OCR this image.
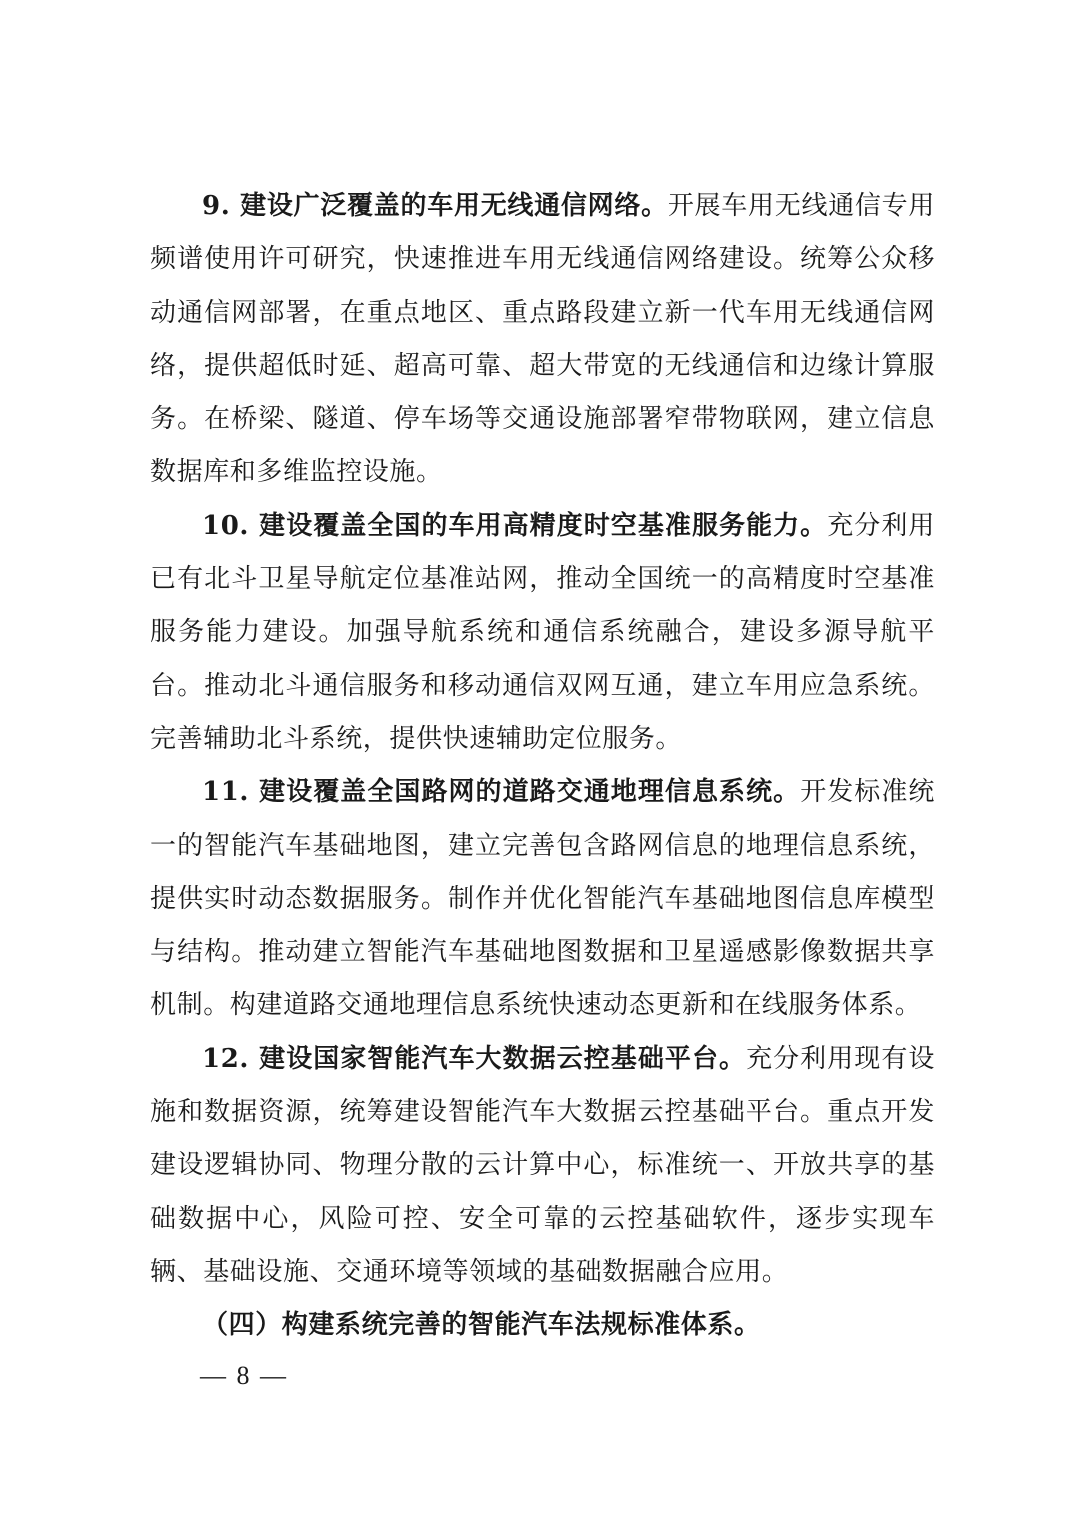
9. 建设广泛覆盖的车用无线通信网络。开展车用无线通信专用频谱使用许可研究，快速推进车用无线通信网络建设。统筹公众移动通信网部署，在重点地区、重点路段建立新一代车用无线通信网络，提供超低时延、超高可靠、超大带宽的无线通信和边缘计算服务。在桥梁、隧道、停车场等交通设施部署窄带物联网，建立信息数据库和多维监控设施。

10. 建设覆盖全国的车用高精度时空基准服务能力。充分利用已有北斗卫星导航定位基准站网，推动全国统一的高精度时空基准服务能力建设。加强导航系统和通信系统融合，建设多源导航平台。推动北斗通信服务和移动通信双网互通，建立车用应急系统。完善辅助北斗系统，提供快速辅助定位服务。

11. 建设覆盖全国路网的道路交通地理信息系统。开发标准统一的智能汽车基础地图，建立完善包含路网信息的地理信息系统，提供实时动态数据服务。制作并优化智能汽车基础地图信息库模型与结构。推动建立智能汽车基础地图数据和卫星遥感影像数据共享机制。构建道路交通地理信息系统快速动态更新和在线服务体系。

12. 建设国家智能汽车大数据云控基础平台。充分利用现有设施和数据资源，统筹建设智能汽车大数据云控基础平台。重点开发建设逻辑协同、物理分散的云计算中心，标准统一、开放共享的基础数据中心，风险可控、安全可靠的云控基础软件，逐步实现车辆、基础设施、交通环境等领域的基础数据融合应用。

（四）构建系统完善的智能汽车法规标准体系。

— 8 —
